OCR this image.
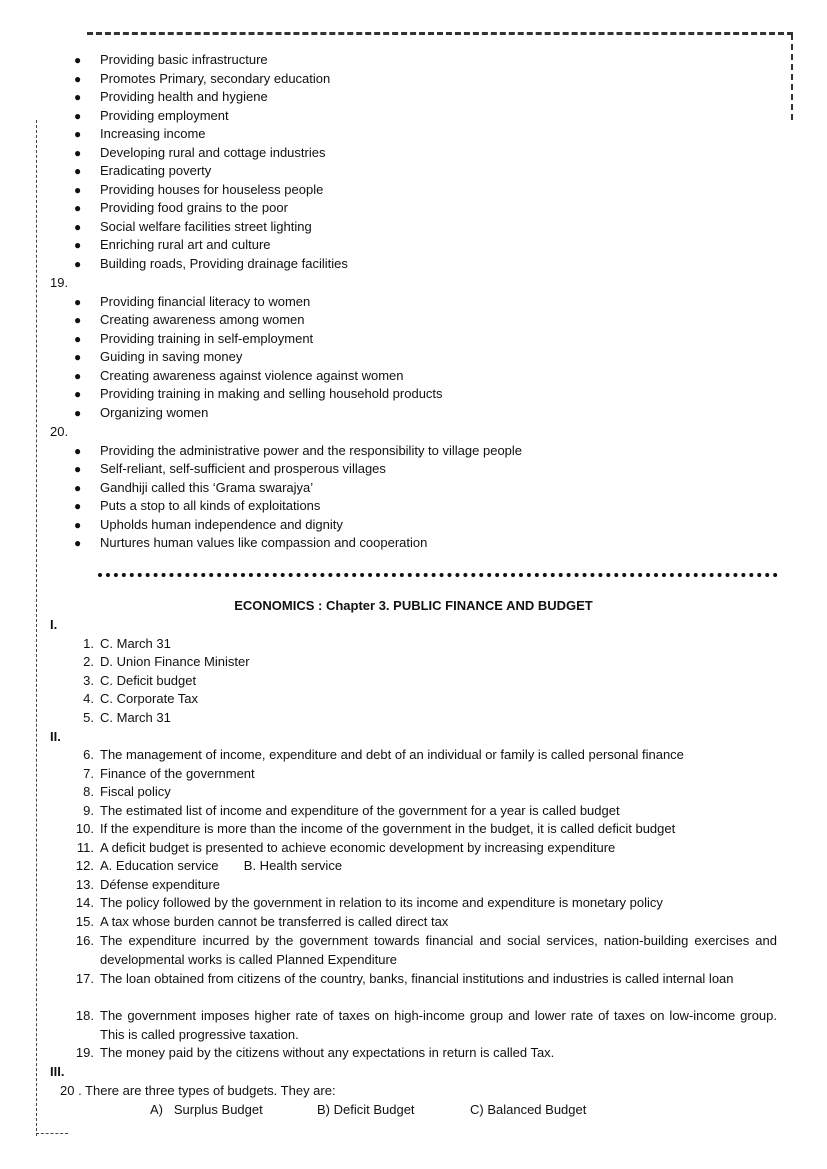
● Providing basic infrastructure
● Promotes Primary, secondary education
● Providing health and hygiene
● Providing employment
● Increasing income
● Developing rural and cottage industries
● Eradicating poverty
● Providing houses for houseless people
● Providing food grains to the poor
● Social welfare facilities street lighting
● Enriching rural art and culture
● Building roads, Providing drainage facilities
19.
● Providing financial literacy to women
● Creating awareness among women
● Providing training in self-employment
● Guiding in saving money
● Creating awareness against violence against women
● Providing training in making and selling household products
● Organizing women
20.
● Providing the administrative power and the responsibility to village people
● Self-reliant, self-sufficient and prosperous villages
● Gandhiji called this ‘Grama swarajya’
● Puts a stop to all kinds of exploitations
● Upholds human independence and dignity
● Nurtures human values like compassion and cooperation
ECONOMICS : Chapter 3. PUBLIC FINANCE AND BUDGET
I.
1. C. March 31
2. D. Union Finance Minister
3. C. Deficit budget
4. C. Corporate Tax
5. C. March 31
II.
6. The management of income, expenditure and debt of an individual or family is called personal finance
7. Finance of the government
8. Fiscal policy
9. The estimated list of income and expenditure of the government for a year is called budget
10. If the expenditure is more than the income of the government in the budget, it is called deficit budget
11. A deficit budget is presented to achieve economic development by increasing expenditure
12. A. Education service       B. Health service
13. Défense expenditure
14. The policy followed by the government in relation to its income and expenditure is monetary policy
15. A tax whose burden cannot be transferred is called direct tax
16. The expenditure incurred by the government towards financial and social services, nation-building exercises and developmental works is called Planned Expenditure
17. The loan obtained from citizens of the country, banks, financial institutions and industries is called internal loan
18. The government imposes higher rate of taxes on high-income group and lower rate of taxes on low-income group. This is called progressive taxation.
19. The money paid by the citizens without any expectations in return is called Tax.
III.
20 . There are three types of budgets. They are:
A)   Surplus Budget	B) Deficit Budget	C) Balanced Budget
